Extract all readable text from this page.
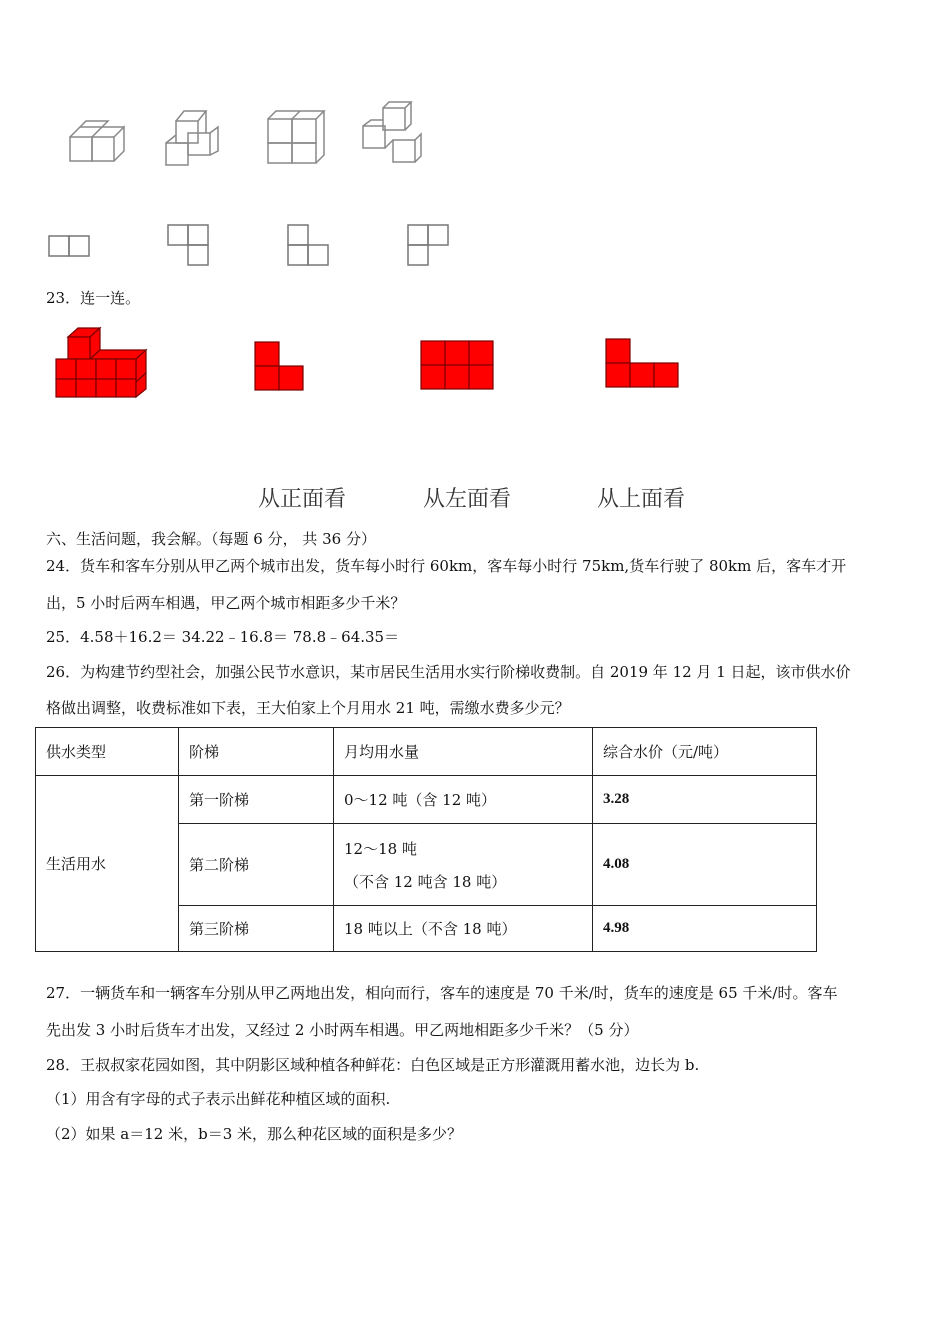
23．连一连。
从正面看	从左面看	从上面看
六、生活问题，我会解。（每题 6 分， 共 36 分）
24．货车和客车分别从甲乙两个城市出发，货车每小时行 60km，客车每小时行 75km,货车行驶了 80km 后，客车才开
出，5 小时后两车相遇，甲乙两个城市相距多少千米？
25．4.58＋16.2＝ 34.22﹣16.8＝ 78.8﹣64.35＝
26．为构建节约型社会，加强公民节水意识，某市居民生活用水实行阶梯收费制。自 2019 年 12 月 1 日起，该市供水价
格做出调整，收费标准如下表，王大伯家上个月用水 21 吨，需缴水费多少元？
供水类型	阶梯	月均用水量	综合水价（元/吨）
生活用水	第一阶梯	0～12 吨（含 12 吨）	3.28
	第二阶梯	12～18 吨
（不含 12 吨含 18 吨）	4.08
	第三阶梯	18 吨以上（不含 18 吨）	4.98
27．一辆货车和一辆客车分别从甲乙两地出发，相向而行，客车的速度是 70 千米/时，货车的速度是 65 千米/时。客车
先出发 3 小时后货车才出发，又经过 2 小时两车相遇。甲乙两地相距多少千米？（5 分）
28．王叔叔家花园如图，其中阴影区域种植各种鲜花：白色区域是正方形灌溉用蓄水池，边长为 b.
（1）用含有字母的式子表示出鲜花种植区域的面积.
（2）如果 a＝12 米，b＝3 米，那么种花区域的面积是多少？
